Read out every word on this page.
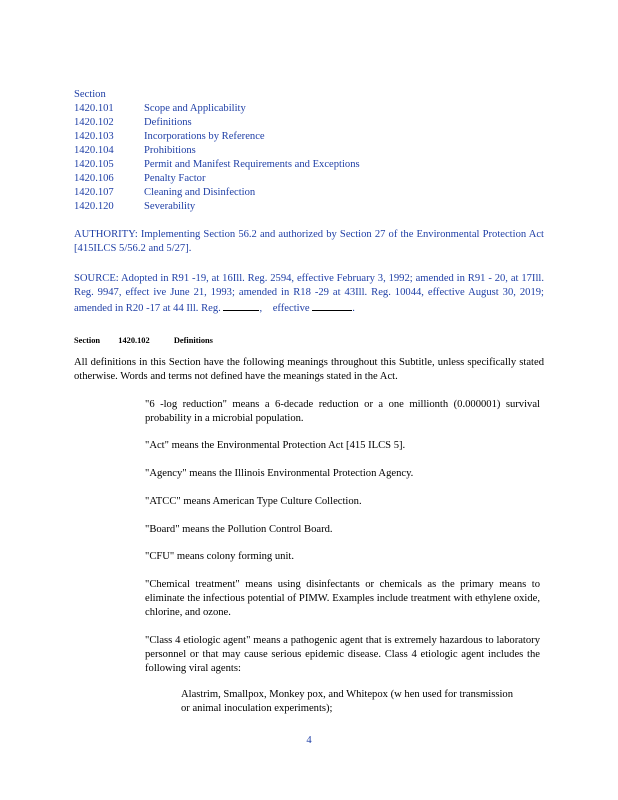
Section
1420.101	Scope and Applicability
1420.102	Definitions
1420.103	Incorporations by Reference
1420.104	Prohibitions
1420.105	Permit and Manifest Requirements and Exceptions
1420.106	Penalty Factor
1420.107	Cleaning and Disinfection
1420.120	Severability
AUTHORITY: Implementing Section 56.2 and authorized by Section 27 of the Environmental Protection Act [415ILCS 5/56.2 and 5/27].
SOURCE: Adopted in R91 -19, at 16Ill. Reg. 2594, effective February 3, 1992; amended in R91 - 20, at 17Ill. Reg. 9947, effect ive June 21, 1993; amended in R18 -29 at 43Ill. Reg. 10044, effective August 30, 2019; amended in R20 -17 at 44 Ill. Reg.	,    effective	.
Section 1420.102	Definitions
All definitions in this Section have the following meanings throughout this Subtitle, unless specifically stated otherwise. Words and terms not defined have the meanings stated in the Act.
"6 -log reduction" means a 6-decade reduction or a one millionth (0.000001) survival probability in a microbial population.
"Act" means the Environmental Protection Act [415 ILCS 5].
"Agency" means the Illinois Environmental Protection Agency.
"ATCC" means American Type Culture Collection.
"Board" means the Pollution Control Board.
"CFU" means colony forming unit.
"Chemical treatment" means using disinfectants or chemicals as the primary means to eliminate the infectious potential of PIMW. Examples include treatment with ethylene oxide, chlorine, and ozone.
"Class 4 etiologic agent" means a pathogenic agent that is extremely hazardous to laboratory personnel or that may cause serious epidemic disease. Class 4 etiologic agent includes the following viral agents:
Alastrim, Smallpox, Monkey pox, and Whitepox (w hen used for transmission or animal inoculation experiments);
4
